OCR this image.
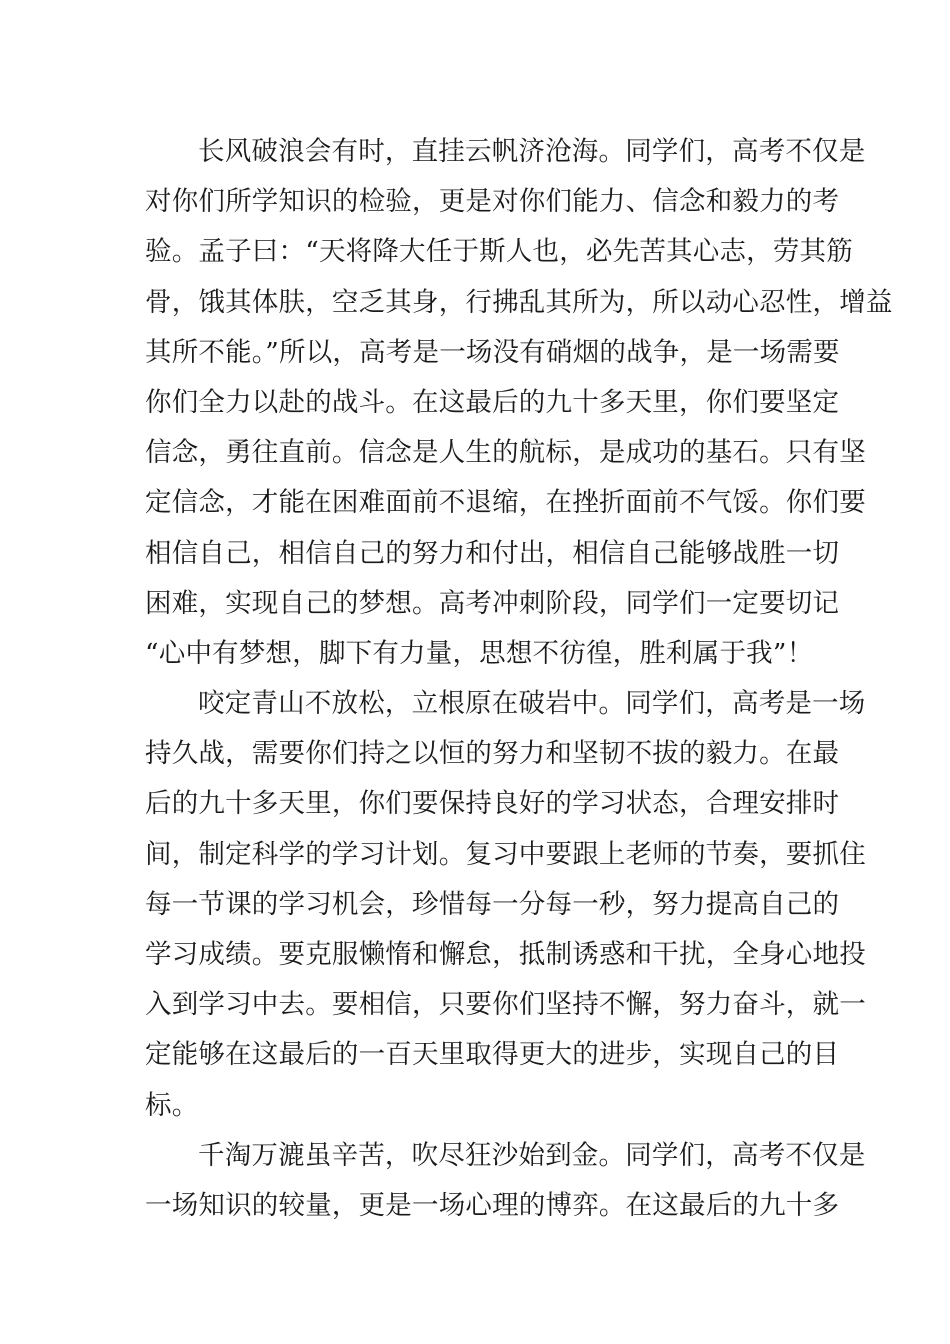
长风破浪会有时，直挂云帆济沧海。同学们，高考不仅是
对你们所学知识的检验，更是对你们能力、信念和毅力的考
验。孟子曰：“天将降大任于斯人也，必先苦其心志，劳其筋
骨，饿其体肤，空乏其身，行拂乱其所为，所以动心忍性，增益
其所不能。”所以，高考是一场没有硝烟的战争，是一场需要
你们全力以赴的战斗。在这最后的九十多天里，你们要坚定
信念，勇往直前。信念是人生的航标，是成功的基石。只有坚
定信念，才能在困难面前不退缩，在挫折面前不气馁。你们要
相信自己，相信自己的努力和付出，相信自己能够战胜一切
困难，实现自己的梦想。高考冲刺阶段，同学们一定要切记
“心中有梦想，脚下有力量，思想不彷徨，胜利属于我”！
咬定青山不放松，立根原在破岩中。同学们，高考是一场
持久战，需要你们持之以恒的努力和坚韧不拔的毅力。在最
后的九十多天里，你们要保持良好的学习状态，合理安排时
间，制定科学的学习计划。复习中要跟上老师的节奏，要抓住
每一节课的学习机会，珍惜每一分每一秒，努力提高自己的
学习成绩。要克服懒惰和懈怠，抵制诱惑和干扰，全身心地投
入到学习中去。要相信，只要你们坚持不懈，努力奋斗，就一
定能够在这最后的一百天里取得更大的进步，实现自己的目
标。
千淘万漉虽辛苦，吹尽狂沙始到金。同学们，高考不仅是
一场知识的较量，更是一场心理的博弈。在这最后的九十多
